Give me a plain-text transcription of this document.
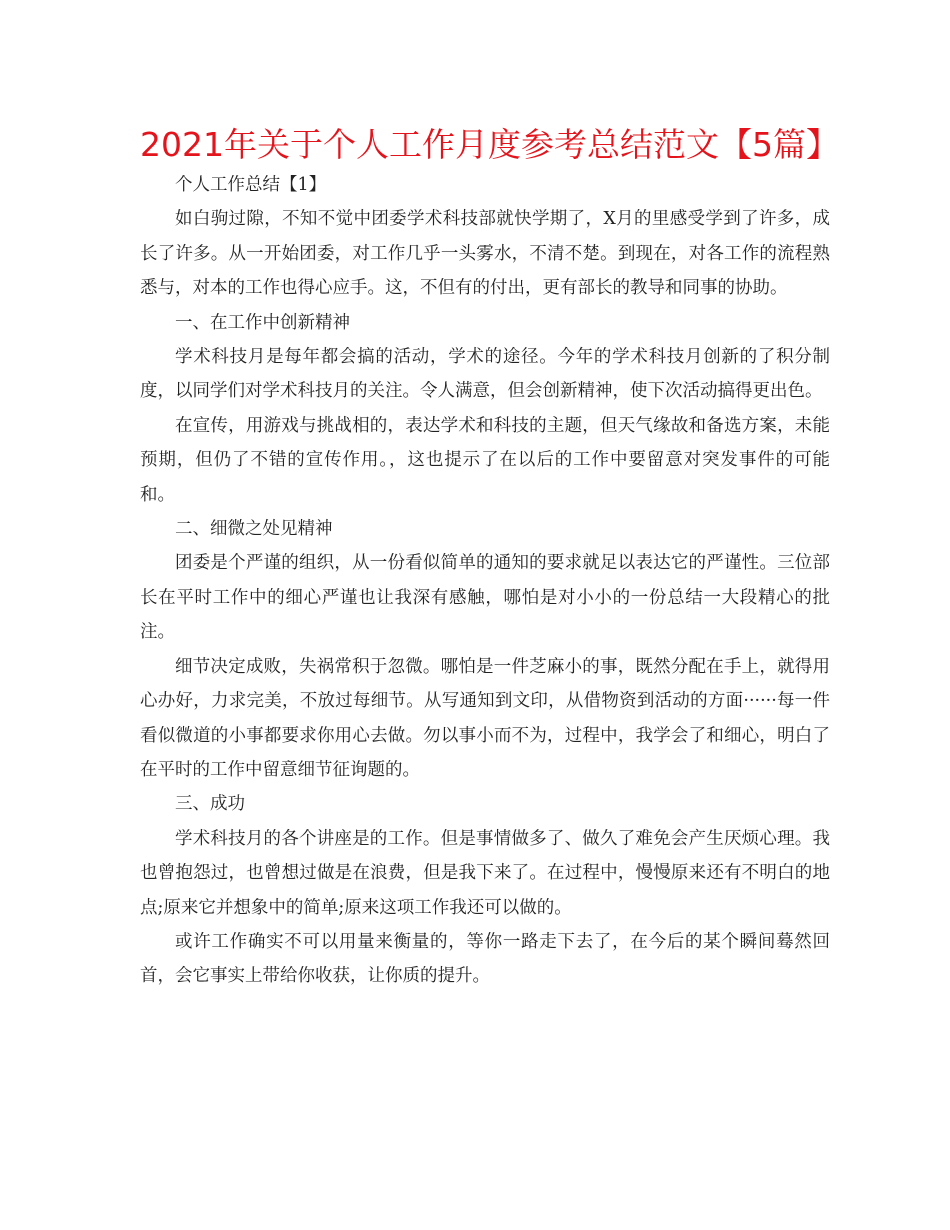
2021年关于个人工作月度参考总结范文【5篇】

个人工作总结【1】

如白驹过隙，不知不觉中团委学术科技部就快学期了，X月的里感受学到了许多，成长了许多。从一开始团委，对工作几乎一头雾水，不清不楚。到现在，对各工作的流程熟悉与，对本的工作也得心应手。这，不但有的付出，更有部长的教导和同事的协助。

一、在工作中创新精神

学术科技月是每年都会搞的活动，学术的途径。今年的学术科技月创新的了积分制度，以同学们对学术科技月的关注。令人满意，但会创新精神，使下次活动搞得更出色。

在宣传，用游戏与挑战相的，表达学术和科技的主题，但天气缘故和备选方案，未能预期，但仍了不错的宣传作用。，这也提示了在以后的工作中要留意对突发事件的可能和。

二、细微之处见精神

团委是个严谨的组织，从一份看似简单的通知的要求就足以表达它的严谨性。三位部长在平时工作中的细心严谨也让我深有感触，哪怕是对小小的一份总结一大段精心的批注。

细节决定成败，失祸常积于忽微。哪怕是一件芝麻小的事，既然分配在手上，就得用心办好，力求完美，不放过每细节。从写通知到文印，从借物资到活动的方面······每一件看似微道的小事都要求你用心去做。勿以事小而不为，过程中，我学会了和细心，明白了在平时的工作中留意细节征询题的。

三、成功

学术科技月的各个讲座是的工作。但是事情做多了、做久了难免会产生厌烦心理。我也曾抱怨过，也曾想过做是在浪费，但是我下来了。在过程中，慢慢原来还有不明白的地点;原来它并想象中的简单;原来这项工作我还可以做的。

或许工作确实不可以用量来衡量的，等你一路走下去了，在今后的某个瞬间蓦然回首，会它事实上带给你收获，让你质的提升。
